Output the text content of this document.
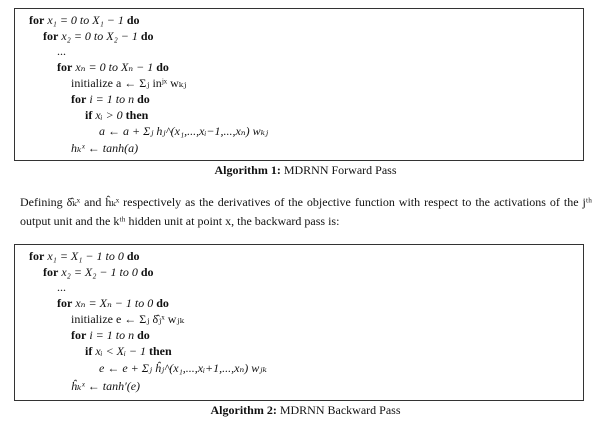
for x₁ = 0 to X₁ − 1 do
for x₂ = 0 to X₂ − 1 do
...
for xₙ = 0 to Xₙ − 1 do
initialize a ← Σⱼ inʲˣ wₖⱼ
for i = 1 to n do
if xᵢ > 0 then
a ← a + Σⱼ hⱼ^(x₁,...,xᵢ−1,...,xₙ) wₖⱼ
hₖˣ ← tanh(a)
Algorithm 1: MDRNN Forward Pass
Defining δ̂ₖˣ and ĥₖˣ respectively as the derivatives of the objective function with respect to the activations of the jᵗʰ output unit and the kᵗʰ hidden unit at point x, the backward pass is:
for x₁ = X₁ − 1 to 0 do
for x₂ = X₂ − 1 to 0 do
...
for xₙ = Xₙ − 1 to 0 do
initialize e ← Σⱼ δ̂ⱼˣ wⱼₖ
for i = 1 to n do
if xᵢ < Xᵢ − 1 then
e ← e + Σⱼ ĥⱼ^(x₁,...,xᵢ+1,...,xₙ) wⱼₖ
ĥₖˣ ← tanh′(e)
Algorithm 2: MDRNN Backward Pass
